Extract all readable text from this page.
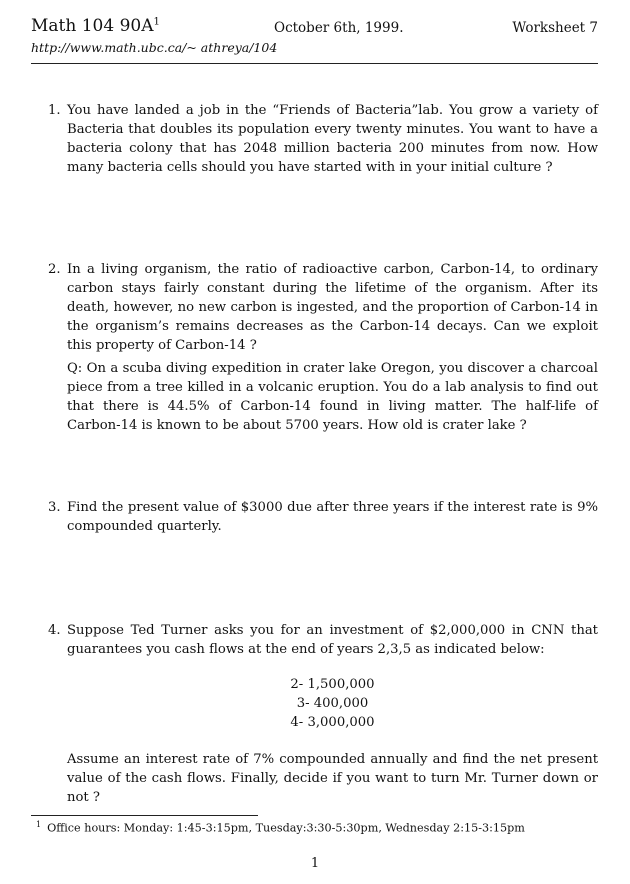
Math 104 $90A^1$
http://www.math.ubc.ca/~ athreya/104
October 6th, 1999.	Worksheet 7
1. You have landed a job in the “Friends of Bacteria”lab. You grow a variety of Bacteria that doubles its population every twenty minutes. You want to have a bacteria colony that has 2048 million bacteria 200 minutes from now. How many bacteria cells should you have started with in your initial culture ?

2. In a living organism, the ratio of radioactive carbon, Carbon-14, to ordinary carbon stays fairly constant during the lifetime of the organism. After its death, however, no new carbon is ingested, and the proportion of Carbon-14 in the organism’s remains decreases as the Carbon-14 decays. Can we exploit this property of Carbon-14 ?

Q: On a scuba diving expedition in crater lake Oregon, you discover a charcoal piece from a tree killed in a volcanic eruption. You do a lab analysis to find out that there is 44.5% of Carbon-14 found in living matter. The half-life of Carbon-14 is known to be about 5700 years. How old is crater lake ?

3. Find the present value of $3000 due after three years if the interest rate is 9% compounded quarterly.

4. Suppose Ted Turner asks you for an investment of $2,000,000 in CNN that guarantees you cash flows at the end of years 2,3,5 as indicated below:

2- 1,500,000
3- 400,000
4- 3,000,000

Assume an interest rate of 7% compounded annually and find the net present value of the cash flows. Finally, decide if you want to turn Mr. Turner down or not ?

$^1$ Office hours: Monday: 1:45-3:15pm, Tuesday:3:30-5:30pm, Wednesday 2:15-3:15pm
1
